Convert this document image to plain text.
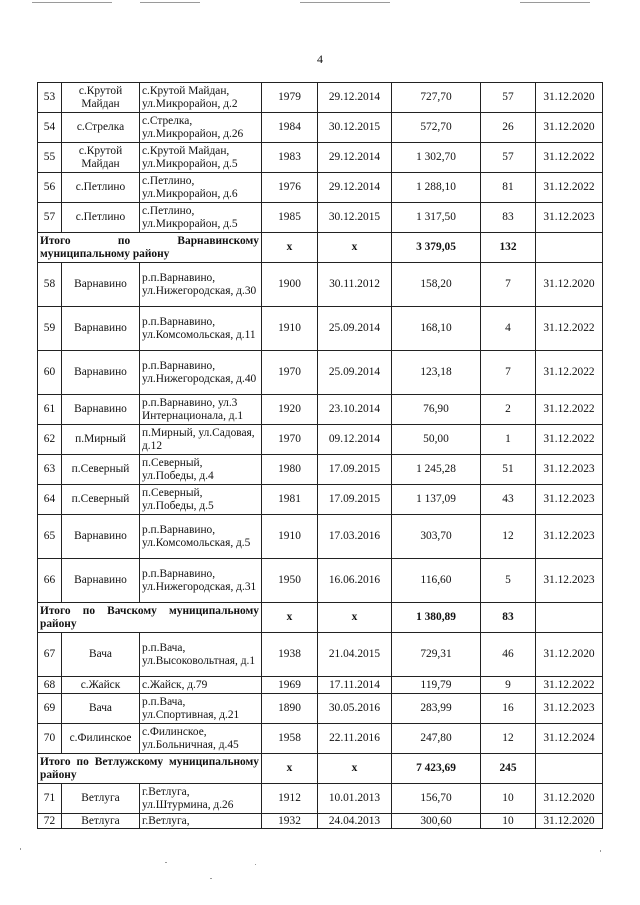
4
53	с.Крутой Майдан	с.Крутой Майдан, ул.Микрорайон, д.2	1979	29.12.2014	727,70	57	31.12.2020
54	с.Стрелка	с.Стрелка, ул.Микрорайон, д.26	1984	30.12.2015	572,70	26	31.12.2020
55	с.Крутой Майдан	с.Крутой Майдан, ул.Микрорайон, д.5	1983	29.12.2014	1 302,70	57	31.12.2022
56	с.Петлино	с.Петлино, ул.Микрорайон, д.6	1976	29.12.2014	1 288,10	81	31.12.2022
57	с.Петлино	с.Петлино, ул.Микрорайон, д.5	1985	30.12.2015	1 317,50	83	31.12.2023
Итого по Варнавинскому муниципальному району			х	х	3 379,05	132	
58	Варнавино	р.п.Варнавино, ул.Нижегородская, д.30	1900	30.11.2012	158,20	7	31.12.2020
59	Варнавино	р.п.Варнавино, ул.Комсомольская, д.11	1910	25.09.2014	168,10	4	31.12.2022
60	Варнавино	р.п.Варнавино, ул.Нижегородская, д.40	1970	25.09.2014	123,18	7	31.12.2022
61	Варнавино	р.п.Варнавино, ул.3 Интернационала, д.1	1920	23.10.2014	76,90	2	31.12.2022
62	п.Мирный	п.Мирный, ул.Садовая, д.12	1970	09.12.2014	50,00	1	31.12.2022
63	п.Северный	п.Северный, ул.Победы, д.4	1980	17.09.2015	1 245,28	51	31.12.2023
64	п.Северный	п.Северный, ул.Победы, д.5	1981	17.09.2015	1 137,09	43	31.12.2023
65	Варнавино	р.п.Варнавино, ул.Комсомольская, д.5	1910	17.03.2016	303,70	12	31.12.2023
66	Варнавино	р.п.Варнавино, ул.Нижегородская, д.31	1950	16.06.2016	116,60	5	31.12.2023
Итого по Вачскому муниципальному району			х	х	1 380,89	83	
67	Вача	р.п.Вача, ул.Высоковольтная, д.1	1938	21.04.2015	729,31	46	31.12.2020
68	с.Жайск	с.Жайск, д.79	1969	17.11.2014	119,79	9	31.12.2022
69	Вача	р.п.Вача, ул.Спортивная, д.21	1890	30.05.2016	283,99	16	31.12.2023
70	с.Филинское	с.Филинское, ул.Больничная, д.45	1958	22.11.2016	247,80	12	31.12.2024
Итого по Ветлужскому муниципальному району			х	х	7 423,69	245	
71	Ветлуга	г.Ветлуга, ул.Штурмина, д.26	1912	10.01.2013	156,70	10	31.12.2020
72	Ветлуга	г.Ветлуга,	1932	24.04.2013	300,60	10	31.12.2020
